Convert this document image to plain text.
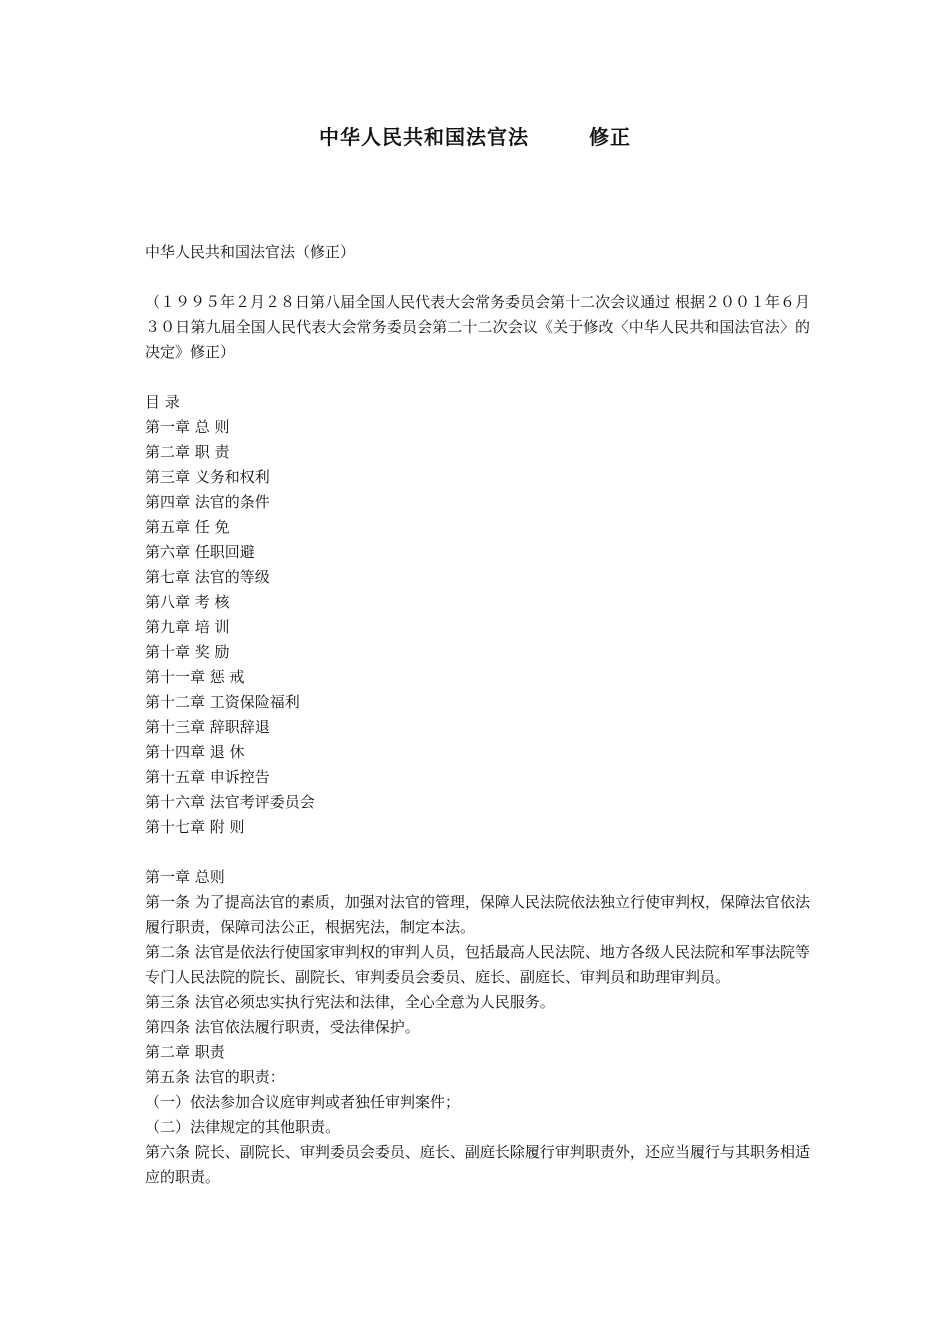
中华人民共和国法官法	修正

中华人民共和国法官法（修正）

（１９９５年２月２８日第八届全国人民代表大会常务委员会第十二次会议通过 根据２００１年６月３０日第九届全国人民代表大会常务委员会第二十二次会议《关于修改〈中华人民共和国法官法〉的决定》修正）

目 录

第一章 总 则

第二章 职 责

第三章 义务和权利

第四章 法官的条件

第五章 任 免

第六章 任职回避

第七章 法官的等级

第八章 考 核

第九章 培 训

第十章 奖 励

第十一章 惩 戒

第十二章 工资保险福利

第十三章 辞职辞退

第十四章 退 休

第十五章 申诉控告

第十六章 法官考评委员会

第十七章 附 则

第一章 总则

第一条 为了提高法官的素质，加强对法官的管理，保障人民法院依法独立行使审判权，保障法官依法履行职责，保障司法公正，根据宪法，制定本法。

第二条 法官是依法行使国家审判权的审判人员，包括最高人民法院、地方各级人民法院和军事法院等专门人民法院的院长、副院长、审判委员会委员、庭长、副庭长、审判员和助理审判员。

第三条 法官必须忠实执行宪法和法律，全心全意为人民服务。

第四条 法官依法履行职责，受法律保护。

第二章 职责

第五条 法官的职责：

（一）依法参加合议庭审判或者独任审判案件；

（二）法律规定的其他职责。

第六条 院长、副院长、审判委员会委员、庭长、副庭长除履行审判职责外，还应当履行与其职务相适应的职责。
